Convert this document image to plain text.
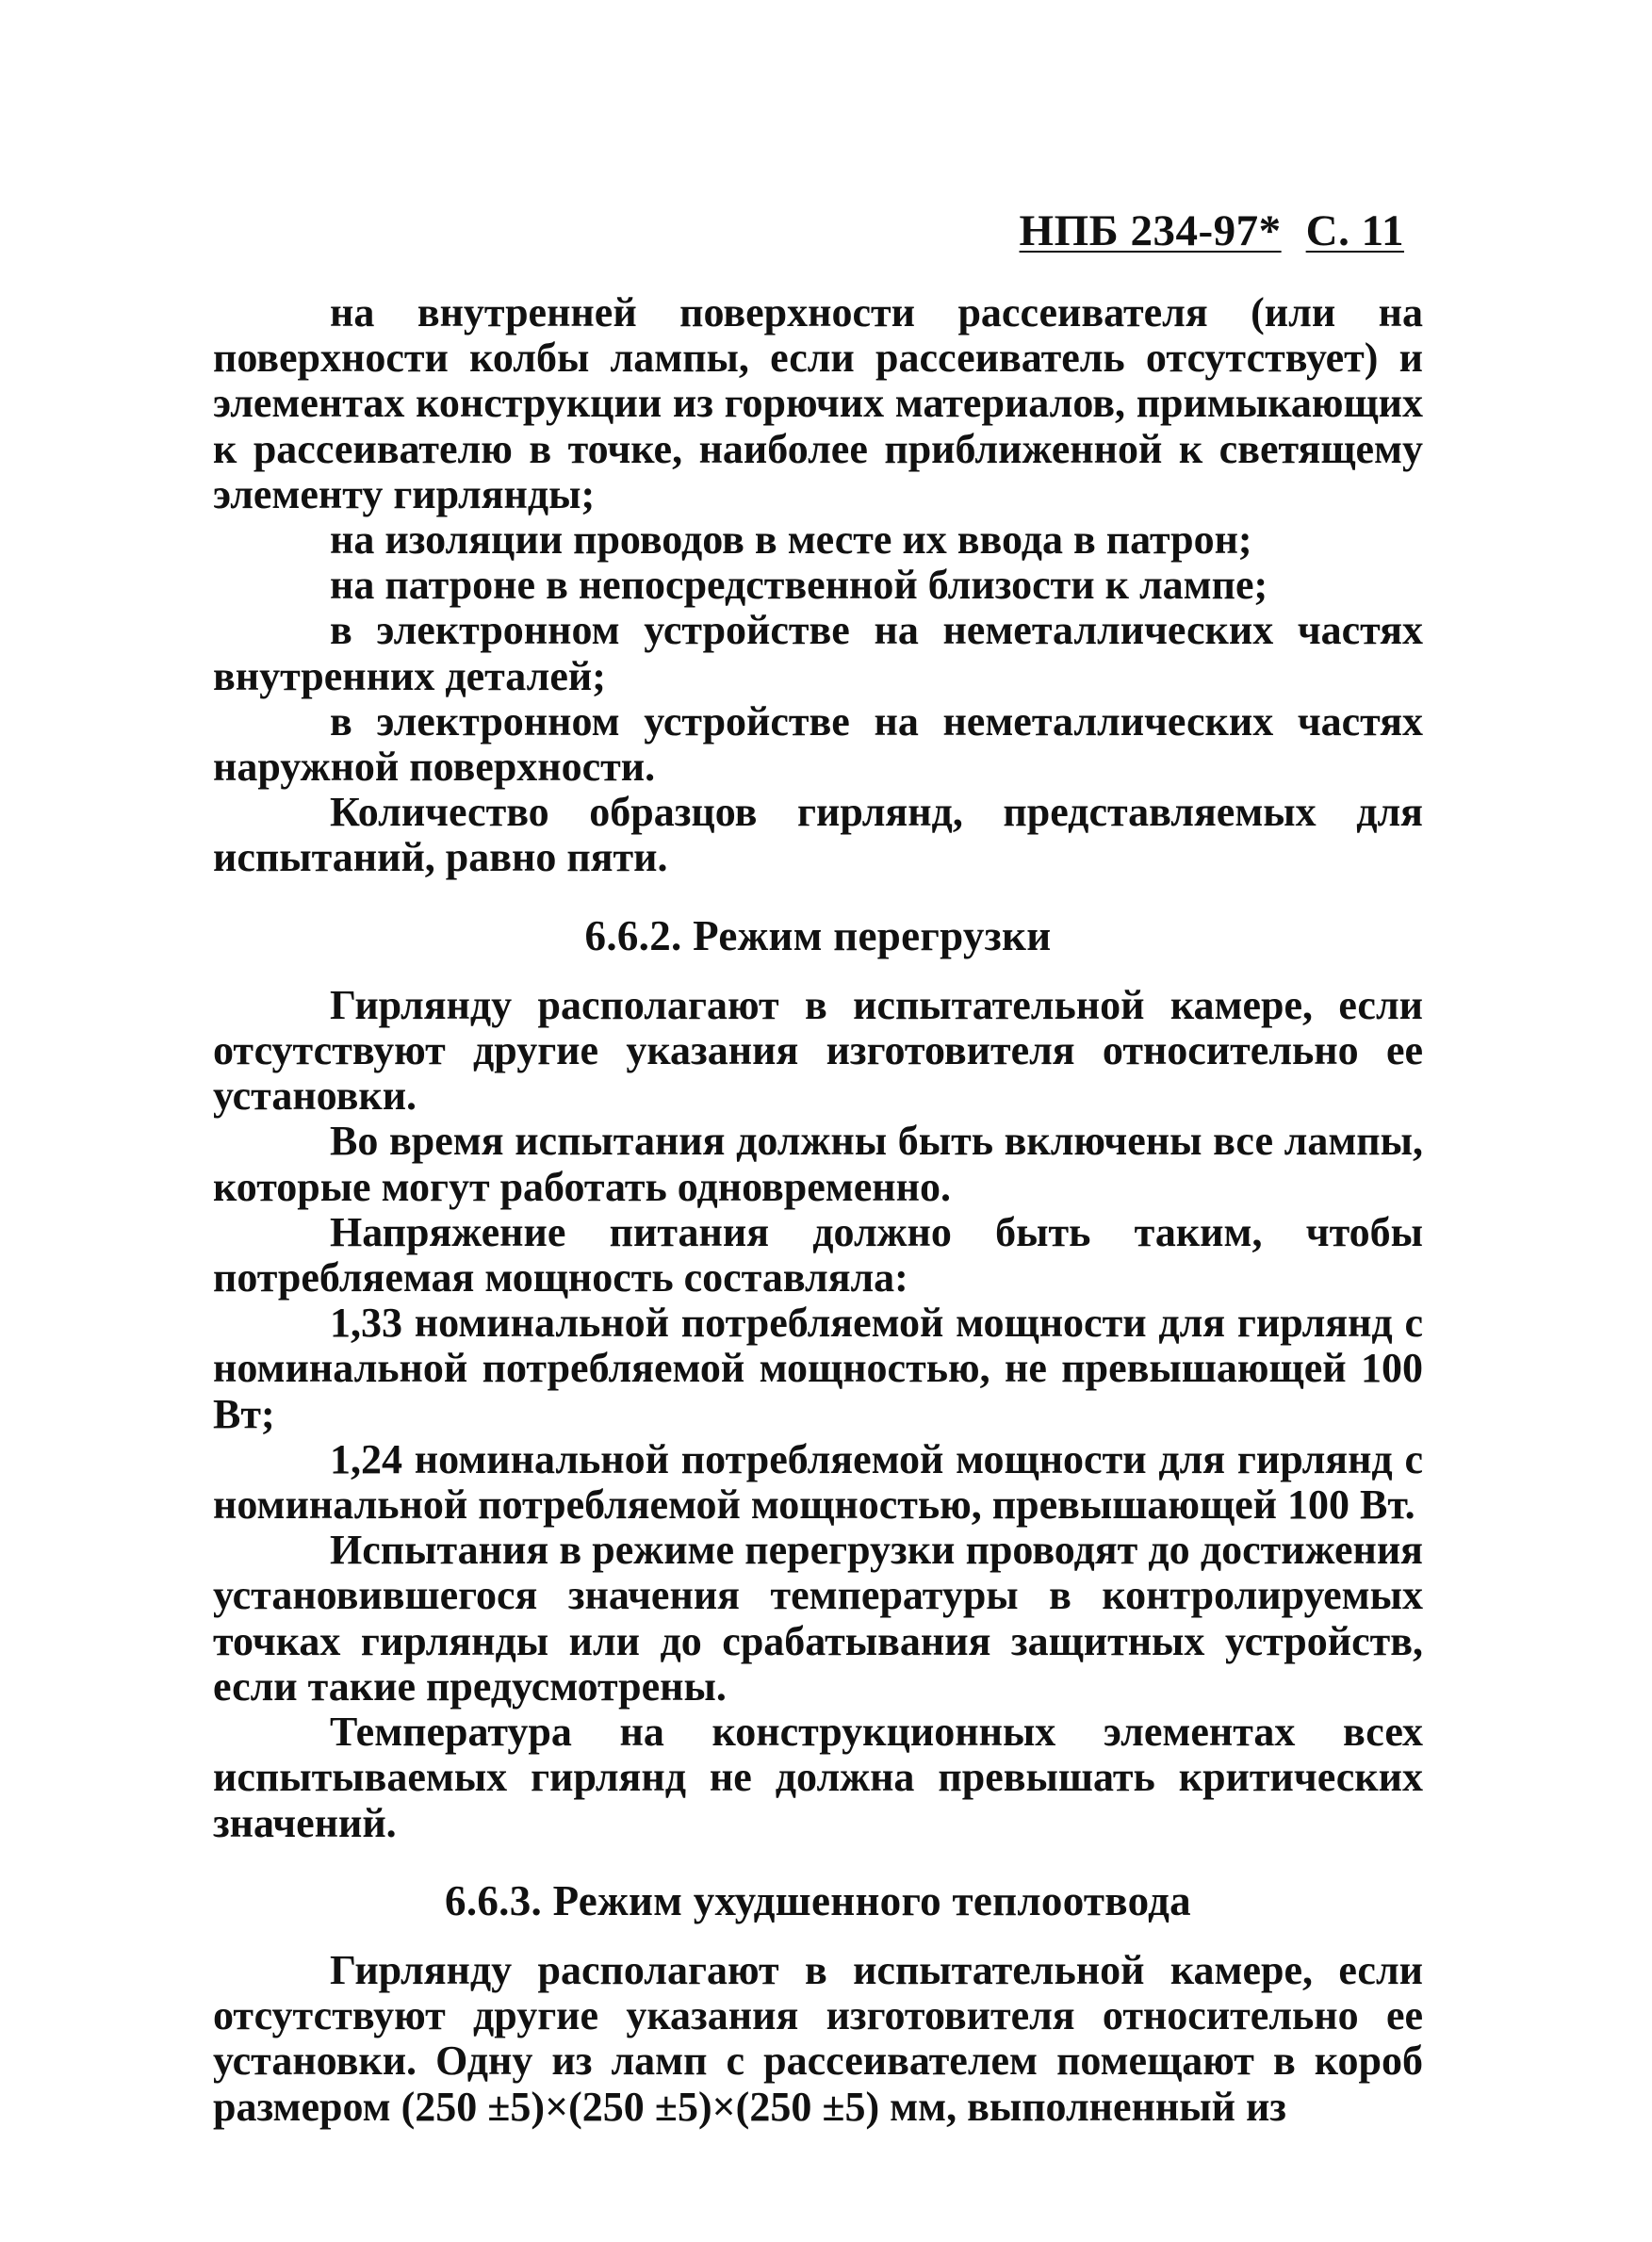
НПБ 234-97* С. 11

на внутренней поверхности рассеивателя (или на поверхности колбы лампы, если рассеиватель отсутствует) и элементах конструкции из горючих материалов, примыкающих к рассеивателю в точке, наиболее приближенной к светящему элементу гирлянды;

на изоляции проводов в месте их ввода в патрон;

на патроне в непосредственной близости к лампе;

в электронном устройстве на неметаллических частях внутренних деталей;

в электронном устройстве на неметаллических частях наружной поверхности.

Количество образцов гирлянд, представляемых для испытаний, равно пяти.

6.6.2. Режим перегрузки

Гирлянду располагают в испытательной камере, если отсутствуют другие указания изготовителя относительно ее установки.

Во время испытания должны быть включены все лампы, которые могут работать одновременно.

Напряжение питания должно быть таким, чтобы потребляемая мощность составляла:

1,33 номинальной потребляемой мощности для гирлянд с номинальной потребляемой мощностью, не превышающей 100 Вт;

1,24 номинальной потребляемой мощности для гирлянд с номинальной потребляемой мощностью, превышающей 100 Вт.

Испытания в режиме перегрузки проводят до достижения установившегося значения температуры в контролируемых точках гирлянды или до срабатывания защитных устройств, если такие предусмотрены.

Температура на конструкционных элементах всех испытываемых гирлянд не должна превышать критических значений.

6.6.3. Режим ухудшенного теплоотвода

Гирлянду располагают в испытательной камере, если отсутствуют другие указания изготовителя относительно ее установки. Одну из ламп с рассеивателем помещают в короб размером (250 ±5)×(250 ±5)×(250 ±5) мм, выполненный из
